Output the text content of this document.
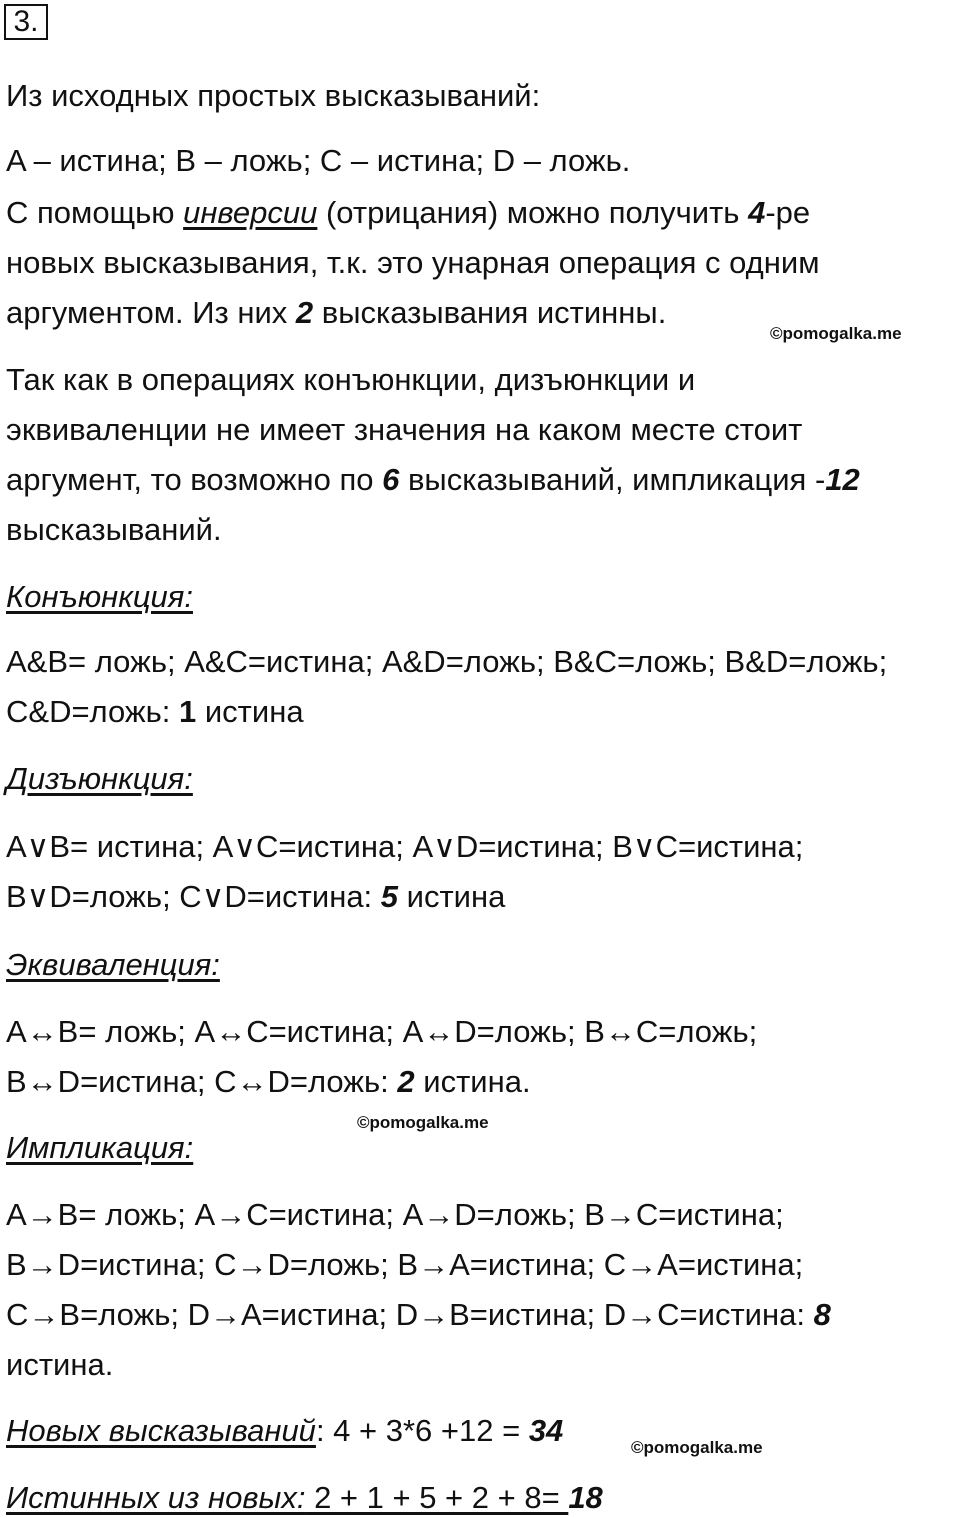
3.

Из исходных простых высказываний:

A – истина; B – ложь; C – истина; D – ложь.

С помощью инверсии (отрицания) можно получить 4-ре

новых высказывания, т.к. это унарная операция с одним

аргументом. Из них 2 высказывания истинны.

©pomogalka.me

Так как в операциях конъюнкции, дизъюнкции и

эквиваленции не имеет значения на каком месте стоит

аргумент, то возможно по 6 высказываний, импликация -12

высказываний.

Конъюнкция:

A&B= ложь; A&C=истина; A&D=ложь; B&C=ложь; B&D=ложь;

C&D=ложь: 1 истина

Дизъюнкция:

A∨B= истина; A∨C=истина; A∨D=истина; B∨C=истина;

B∨D=ложь; C∨D=истина: 5 истина

Эквиваленция:

A↔B= ложь; A↔C=истина; A↔D=ложь; B↔C=ложь;

B↔D=истина; C↔D=ложь: 2 истина.

©pomogalka.me

Импликация:

A→B= ложь; A→C=истина; A→D=ложь; B→C=истина;

B→D=истина; C→D=ложь; B→A=истина; C→A=истина;

C→B=ложь; D→A=истина; D→B=истина; D→C=истина: 8

истина.

Новых высказываний: 4 + 3*6 +12 = 34	©pomogalka.me

Истинных из новых: 2 + 1 + 5 + 2 + 8= 18
